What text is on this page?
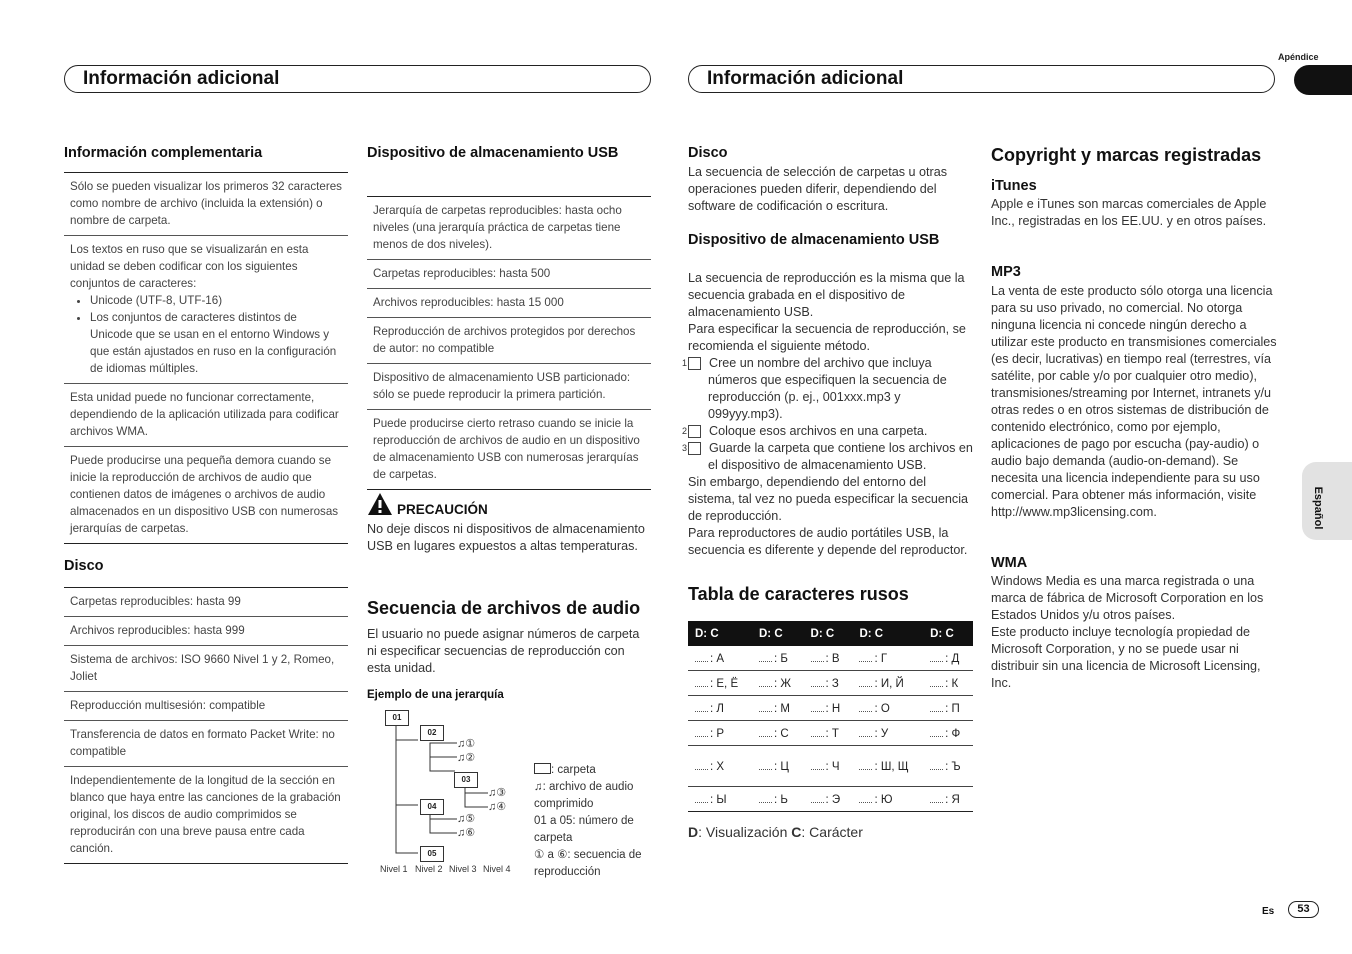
Información adicional	Información adicional
Apéndice
Español
Información complementaria
Sólo se pueden visualizar los primeros 32 caracteres como nombre de archivo (incluida la extensión) o nombre de carpeta.
Los textos en ruso que se visualizarán en esta unidad se deben codificar con los siguientes conjuntos de caracteres:
• Unicode (UTF-8, UTF-16)
• Los conjuntos de caracteres distintos de Unicode que se usan en el entorno Windows y que están ajustados en ruso en la configuración de idiomas múltiples.
Esta unidad puede no funcionar correctamente, dependiendo de la aplicación utilizada para codificar archivos WMA.
Puede producirse una pequeña demora cuando se inicie la reproducción de archivos de audio que contienen datos de imágenes o archivos de audio almacenados en un dispositivo USB con numerosas jerarquías de carpetas.
Disco
Carpetas reproducibles: hasta 99
Archivos reproducibles: hasta 999
Sistema de archivos: ISO 9660 Nivel 1 y 2, Romeo, Joliet
Reproducción multisesión: compatible
Transferencia de datos en formato Packet Write: no compatible
Independientemente de la longitud de la sección en blanco que haya entre las canciones de la grabación original, los discos de audio comprimidos se reproducirán con una breve pausa entre cada canción.
Dispositivo de almacenamiento USB
Jerarquía de carpetas reproducibles: hasta ocho niveles (una jerarquía práctica de carpetas tiene menos de dos niveles).
Carpetas reproducibles: hasta 500
Archivos reproducibles: hasta 15 000
Reproducción de archivos protegidos por derechos de autor: no compatible
Dispositivo de almacenamiento USB particionado: sólo se puede reproducir la primera partición.
Puede producirse cierto retraso cuando se inicie la reproducción de archivos de audio en un dispositivo de almacenamiento USB con numerosas jerarquías de carpetas.
PRECAUCIÓN
No deje discos ni dispositivos de almacenamiento USB en lugares expuestos a altas temperaturas.
Secuencia de archivos de audio
El usuario no puede asignar números de carpeta ni especificar secuencias de reproducción con esta unidad.
Ejemplo de una jerarquía
01
02
03
04
05
♫①
♫②
♫③
♫④
♫⑤
♫⑥
Nivel 1 Nivel 2 Nivel 3 Nivel 4
: carpeta
♫: archivo de audio comprimido
01 a 05: número de carpeta
① a ⑥: secuencia de reproducción
Disco
La secuencia de selección de carpetas u otras operaciones pueden diferir, dependiendo del software de codificación o escritura.
Dispositivo de almacenamiento USB
La secuencia de reproducción es la misma que la secuencia grabada en el dispositivo de almacenamiento USB.
Para especificar la secuencia de reproducción, se recomienda el siguiente método.
1 Cree un nombre del archivo que incluya números que especifiquen la secuencia de reproducción (p. ej., 001xxx.mp3 y 099yyy.mp3).
2 Coloque esos archivos en una carpeta.
3 Guarde la carpeta que contiene los archivos en el dispositivo de almacenamiento USB.
Sin embargo, dependiendo del entorno del sistema, tal vez no pueda especificar la secuencia de reproducción.
Para reproductores de audio portátiles USB, la secuencia es diferente y depende del reproductor.
Tabla de caracteres rusos
D: C	D: C	D: C	D: C	D: C
: А	: Б	: В	: Г	: Д
: Е, Ё	: Ж	: З	: И, Й	: К
: Л	: М	: Н	: О	: П
: Р	: С	: Т	: У	: Ф
: Х	: Ц	: Ч	: Ш, Щ	: Ъ
: Ы	: Ь	: Э	: Ю	: Я
D: Visualización C: Carácter
Copyright y marcas registradas
iTunes
Apple e iTunes son marcas comerciales de Apple Inc., registradas en los EE.UU. y en otros países.
MP3
La venta de este producto sólo otorga una licencia para su uso privado, no comercial. No otorga ninguna licencia ni concede ningún derecho a utilizar este producto en transmisiones comerciales (es decir, lucrativas) en tiempo real (terrestres, vía satélite, por cable y/o por cualquier otro medio), transmisiones/streaming por Internet, intranets y/u otras redes o en otros sistemas de distribución de contenido electrónico, como por ejemplo, aplicaciones de pago por escucha (pay-audio) o audio bajo demanda (audio-on-demand). Se necesita una licencia independiente para su uso comercial. Para obtener más información, visite
http://www.mp3licensing.com.
WMA
Windows Media es una marca registrada o una marca de fábrica de Microsoft Corporation en los Estados Unidos y/u otros países.
Este producto incluye tecnología propiedad de Microsoft Corporation, y no se puede usar ni distribuir sin una licencia de Microsoft Licensing, Inc.
Es	53
